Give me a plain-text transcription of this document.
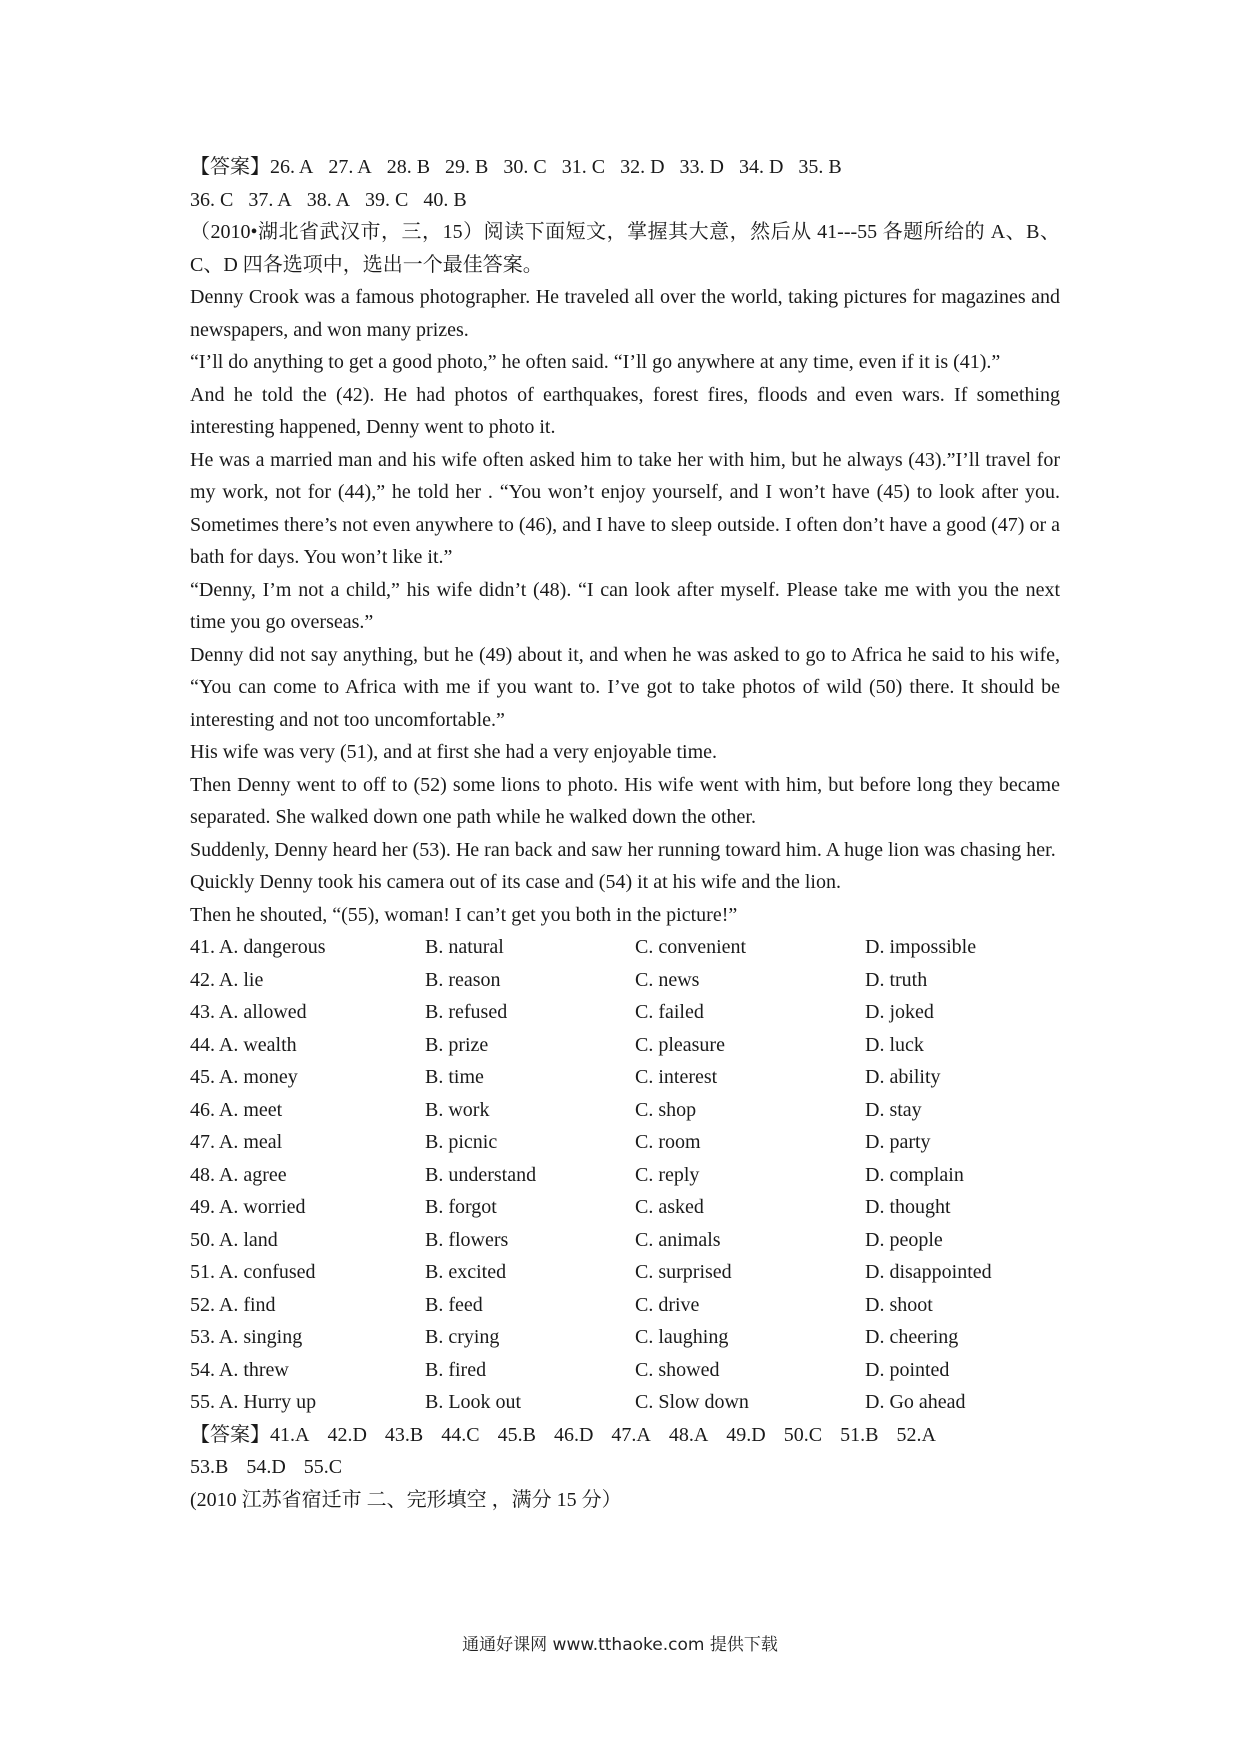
【答案】26. A 27. A 28. B 29. B 30. C 31. C 32. D 33. D 34. D 35. B
36. C 37. A 38. A 39. C 40. B

（2010•湖北省武汉市，三，15）阅读下面短文，掌握其大意，然后从 41---55 各题所给的 A、B、C、D 四各选项中，选出一个最佳答案。

Denny Crook was a famous photographer. He traveled all over the world, taking pictures for magazines and newspapers, and won many prizes.

“I’ll do anything to get a good photo,” he often said. “I’ll go anywhere at any time, even if it is (41).”

And he told the (42). He had photos of earthquakes, forest fires, floods and even wars. If something interesting happened, Denny went to photo it.

He was a married man and his wife often asked him to take her with him, but he always (43).”I’ll travel for my work, not for (44),” he told her . “You won’t enjoy yourself, and I won’t have (45) to look after you. Sometimes there’s not even anywhere to (46), and I have to sleep outside. I often don’t have a good (47) or a bath for days. You won’t like it.”

“Denny, I’m not a child,” his wife didn’t (48). “I can look after myself. Please take me with you the next time you go overseas.”

Denny did not say anything, but he (49) about it, and when he was asked to go to Africa he said to his wife, “You can come to Africa with me if you want to. I’ve got to take photos of wild (50) there. It should be interesting and not too uncomfortable.”

His wife was very (51), and at first she had a very enjoyable time.

Then Denny went to off to (52) some lions to photo. His wife went with him, but before long they became separated. She walked down one path while he walked down the other.

Suddenly, Denny heard her (53). He ran back and saw her running toward him. A huge lion was chasing her.

Quickly Denny took his camera out of its case and (54) it at his wife and the lion.

Then he shouted, “(55), woman! I can’t get you both in the picture!”

41. A. dangerous	B. natural	C. convenient	D. impossible
42. A. lie	B. reason	C. news	D. truth
43. A. allowed	B. refused	C. failed	D. joked
44. A. wealth	B. prize	C. pleasure	D. luck
45. A. money	B. time	C. interest	D. ability
46. A. meet	B. work	C. shop	D. stay
47. A. meal	B. picnic	C. room	D. party
48. A. agree	B. understand	C. reply	D. complain
49. A. worried	B. forgot	C. asked	D. thought
50. A. land	B. flowers	C. animals	D. people
51. A. confused	B. excited	C. surprised	D. disappointed
52. A. find	B. feed	C. drive	D. shoot
53. A. singing	B. crying	C. laughing	D. cheering
54. A. threw	B. fired	C. showed	D. pointed
55. A. Hurry up	B. Look out	C. Slow down	D. Go ahead

【答案】41.A 42.D 43.B 44.C 45.B 46.D 47.A 48.A 49.D 50.C 51.B 52.A
53.B 54.D 55.C

(2010 江苏省宿迁市 二、完形填空 ，满分 15 分）

通通好课网 www.tthaoke.com 提供下载
